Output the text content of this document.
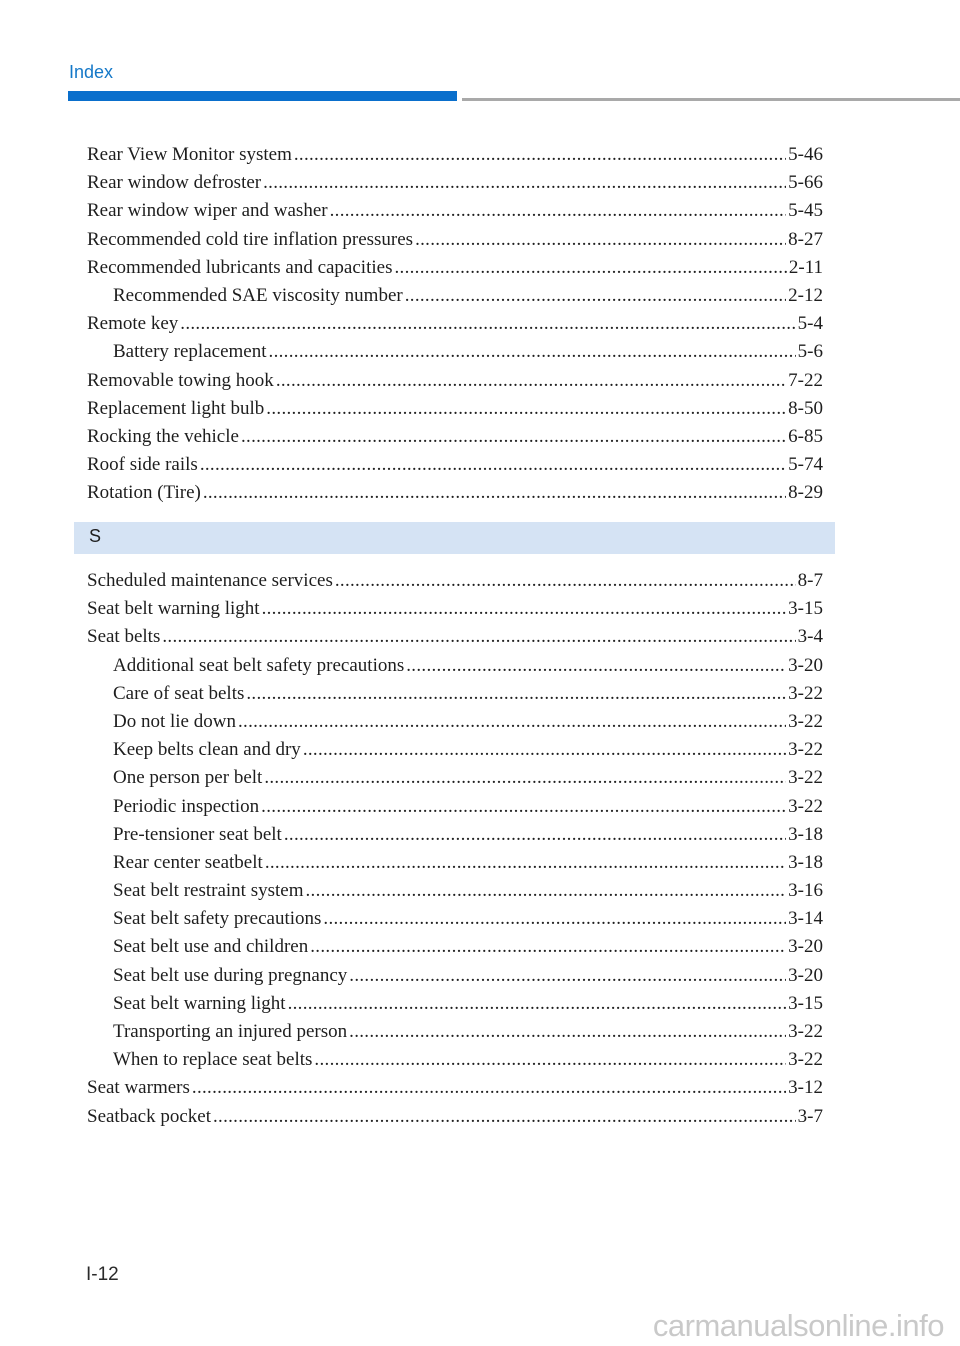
Index
Rear View Monitor system .....	5-46
Rear window defroster .....	5-66
Rear window wiper and washer .....	5-45
Recommended cold tire inflation pressures .....	8-27
Recommended lubricants and capacities .....	2-11
Recommended SAE viscosity number .....	2-12
Remote key .....	5-4
Battery replacement .....	5-6
Removable towing hook .....	7-22
Replacement light bulb .....	8-50
Rocking the vehicle .....	6-85
Roof side rails .....	5-74
Rotation (Tire) .....	8-29
S
Scheduled maintenance services .....	8-7
Seat belt warning light .....	3-15
Seat belts .....	3-4
Additional seat belt safety precautions .....	3-20
Care of seat belts .....	3-22
Do not lie down .....	3-22
Keep belts clean and dry .....	3-22
One person per belt .....	3-22
Periodic inspection .....	3-22
Pre-tensioner seat belt .....	3-18
Rear center seatbelt .....	3-18
Seat belt restraint system .....	3-16
Seat belt safety precautions .....	3-14
Seat belt use and children .....	3-20
Seat belt use during pregnancy .....	3-20
Seat belt warning light .....	3-15
Transporting an injured person .....	3-22
When to replace seat belts .....	3-22
Seat warmers .....	3-12
Seatback pocket .....	3-7
I-12
carmanualsonline.info
